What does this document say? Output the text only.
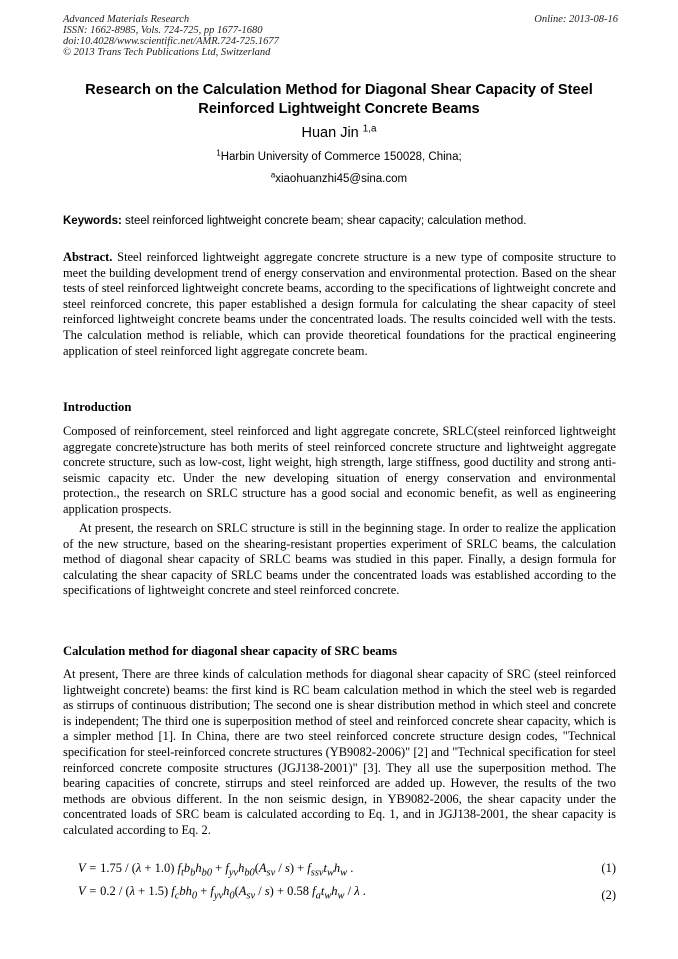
Advanced Materials Research
ISSN: 1662-8985, Vols. 724-725, pp 1677-1680
doi:10.4028/www.scientific.net/AMR.724-725.1677
© 2013 Trans Tech Publications Ltd, Switzerland
Online: 2013-08-16
Research on the Calculation Method for Diagonal Shear Capacity of Steel
Reinforced Lightweight Concrete Beams
Huan Jin $^{1,a}$
$^1$Harbin University of Commerce 150028, China;
$^a$xiaohuanzhi45@sina.com
Keywords: steel reinforced lightweight concrete beam; shear capacity; calculation method.
Abstract. Steel reinforced lightweight aggregate concrete structure is a new type of composite structure to meet the building development trend of energy conservation and environmental protection. Based on the shear tests of steel reinforced lightweight concrete beams, according to the specifications of lightweight concrete and steel reinforced concrete, this paper established a design formula for calculating the shear capacity of steel reinforced lightweight concrete beams under the concentrated loads. The results coincided well with the tests. The calculation method is reliable, which can provide theoretical foundations for the practical engineering application of steel reinforced light aggregate concrete beam.
Introduction
Composed of reinforcement, steel reinforced and light aggregate concrete, SRLC(steel reinforced lightweight aggregate concrete)structure has both merits of steel reinforced concrete structure and lightweight aggregate concrete structure, such as low-cost, light weight, high strength, large stiffness, good ductility and strong anti-seismic capacity etc. Under the new developing situation of energy conservation and environmental protection., the research on SRLC structure has a good social and economic benefit, as well as engineering application prospects.
At present, the research on SRLC structure is still in the beginning stage. In order to realize the application of the new structure, based on the shearing-resistant properties experiment of SRLC beams, the calculation method of diagonal shear capacity of SRLC beams was studied in this paper. Finally, a design formula for calculating the shear capacity of SRLC beams under the concentrated loads was established according to the specifications of lightweight concrete and steel reinforced concrete.
Calculation method for diagonal shear capacity of SRC beams
At present, There are three kinds of calculation methods for diagonal shear capacity of SRC (steel reinforced lightweight concrete) beams: the first kind is RC beam calculation method in which the steel web is regarded as stirrups of continuous distribution; The second one is shear distribution method in which steel and concrete is independent; The third one is superposition method of steel and reinforced concrete shear capacity, which is a simpler method [1]. In China, there are two steel reinforced concrete structure design codes, "Technical specification for steel-reinforced concrete structures (YB9082-2006)" [2] and "Technical specification for steel reinforced concrete composite structures (JGJ138-2001)" [3]. They all use the superposition method. The bearing capacities of concrete, stirrups and steel reinforced are added up. However, the results of the two methods are obvious different. In the non seismic design, in YB9082-2006, the shear capacity under the concentrated loads of SRC beam is calculated according to Eq. 1, and in JGJ138-2001, the shear capacity is calculated according to Eq. 2.
V = 1.75 / (λ + 1.0) $f_tb_bh_{b0} + f_{yv}h_{b0}(A_{sv} / s) + f_{ssv}t_wh_w$ .	(1)
V = 0.2 / (λ + 1.5) $f_cbh_0 + f_{yv}h_0(A_{sv} / s) + 0.58$ $f_at_wh_w$ / λ .	(2)
